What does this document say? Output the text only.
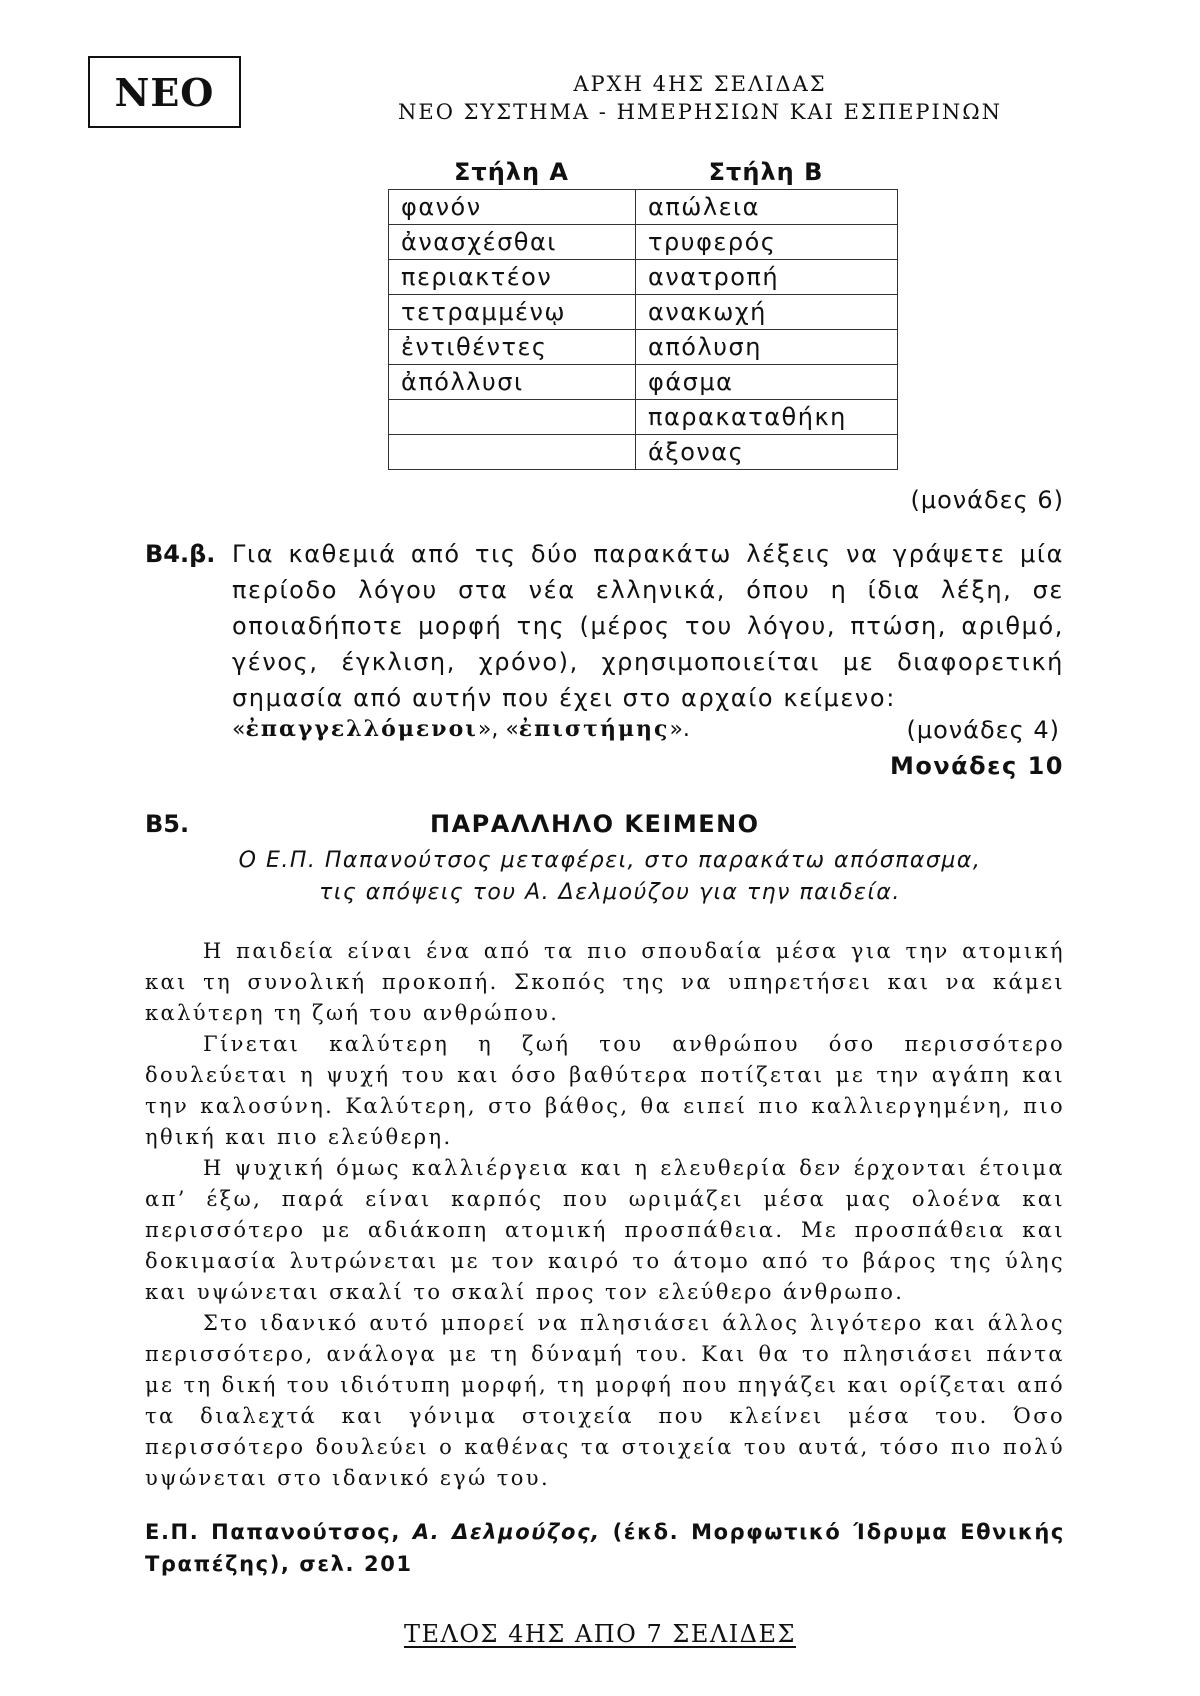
ΝΕΟ	ΑΡΧΗ 4ΗΣ ΣΕΛΙΔΑΣ
ΝΕΟ ΣΥΣΤΗΜΑ - ΗΜΕΡΗΣΙΩΝ ΚΑΙ ΕΣΠΕΡΙΝΩΝ
Στήλη Α	Στήλη Β
φανόν	απώλεια
ἀνασχέσθαι	τρυφερός
περιακτέον	ανατροπή
τετραμμένῳ	ανακωχή
ἐντιθέντες	απόλυση
ἀπόλλυσι	φάσμα
	παρακαταθήκη
	άξονας
(μονάδες 6)
Β4.β. Για καθεμιά από τις δύο παρακάτω λέξεις να γράψετε μία περίοδο λόγου στα νέα ελληνικά, όπου η ίδια λέξη, σε οποιαδήποτε μορφή της (μέρος του λόγου, πτώση, αριθμό, γένος, έγκλιση, χρόνο), χρησιμοποιείται με διαφορετική σημασία από αυτήν που έχει στο αρχαίο κείμενο:
«ἐπαγγελλόμενοι», «ἐπιστήμης».	(μονάδες 4)
Μονάδες 10
Β5.	ΠΑΡΑΛΛΗΛΟ ΚΕΙΜΕΝΟ
Ο Ε.Π. Παπανούτσος μεταφέρει, στο παρακάτω απόσπασμα,
τις απόψεις του Α. Δελμούζου για την παιδεία.

Η παιδεία είναι ένα από τα πιο σπουδαία μέσα για την ατομική και τη συνολική προκοπή. Σκοπός της να υπηρετήσει και να κάμει καλύτερη τη ζωή του ανθρώπου.

Γίνεται καλύτερη η ζωή του ανθρώπου όσο περισσότερο δουλεύεται η ψυχή του και όσο βαθύτερα ποτίζεται με την αγάπη και την καλοσύνη. Καλύτερη, στο βάθος, θα ειπεί πιο καλλιεργημένη, πιο ηθική και πιο ελεύθερη.

Η ψυχική όμως καλλιέργεια και η ελευθερία δεν έρχονται έτοιμα απ’ έξω, παρά είναι καρπός που ωριμάζει μέσα μας ολοένα και περισσότερο με αδιάκοπη ατομική προσπάθεια. Με προσπάθεια και δοκιμασία λυτρώνεται με τον καιρό το άτομο από το βάρος της ύλης και υψώνεται σκαλί το σκαλί προς τον ελεύθερο άνθρωπο.

Στο ιδανικό αυτό μπορεί να πλησιάσει άλλος λιγότερο και άλλος περισσότερο, ανάλογα με τη δύναμή του. Και θα το πλησιάσει πάντα με τη δική του ιδιότυπη μορφή, τη μορφή που πηγάζει και ορίζεται από τα διαλεχτά και γόνιμα στοιχεία που κλείνει μέσα του. Όσο περισσότερο δουλεύει ο καθένας τα στοιχεία του αυτά, τόσο πιο πολύ υψώνεται στο ιδανικό εγώ του.

Ε.Π. Παπανούτσος, Α. Δελμούζος, (έκδ. Μορφωτικό Ίδρυμα Εθνικής Τραπέζης), σελ. 201
ΤΕΛΟΣ 4ΗΣ ΑΠΟ 7 ΣΕΛΙΔΕΣ
